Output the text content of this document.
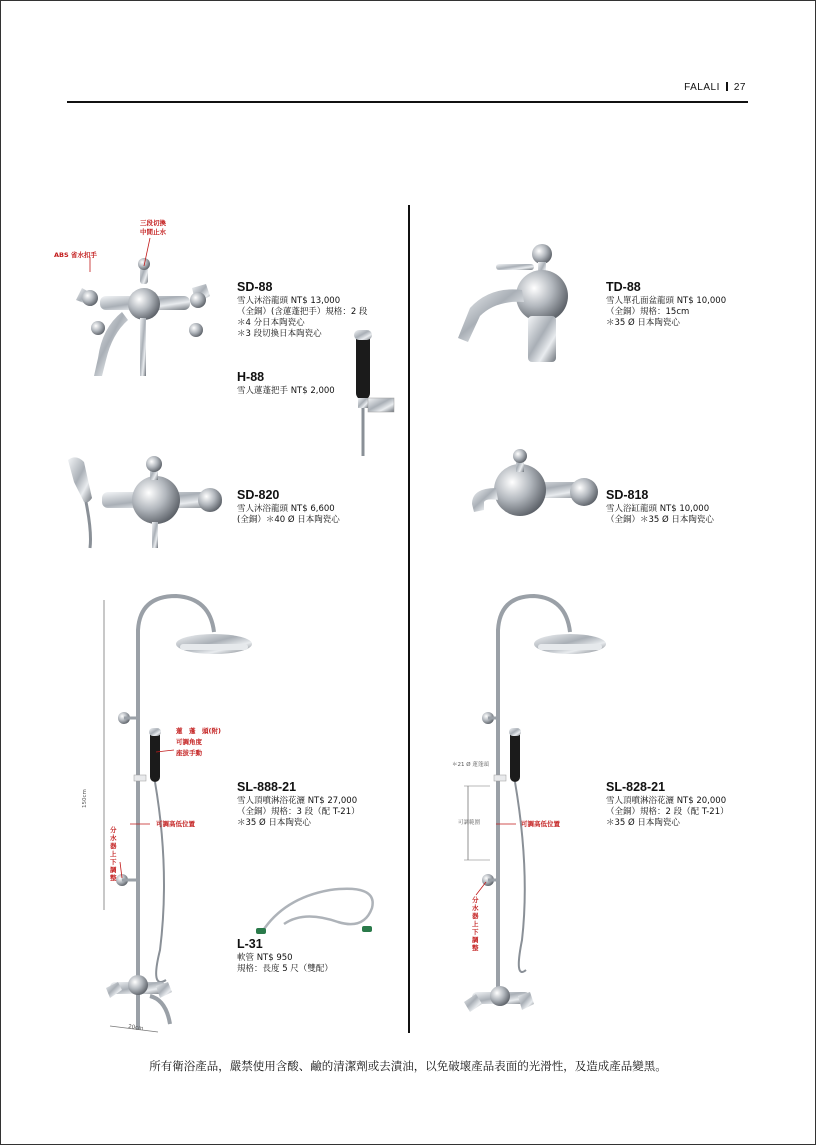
FALALI 27
ABS 省水扣手
三段切換
中間止水
蓮　蓬　頭(附)
可調角度
座拔手動
可調高低位置
分水器上下調整
150cm
20cm
可調高低位置
分水器上下調整
＊21 Ø 蓮蓬頭
可調範圍
SD-88
雪人沐浴龍頭 NT$ 13,000
（全銅）(含蓮蓬把手）規格：2 段
＊4 分日本陶瓷心
＊3 段切換日本陶瓷心
H-88
雪人蓮蓬把手 NT$ 2,000
SD-820
雪人沐浴龍頭 NT$ 6,600
(全銅）＊40 Ø 日本陶瓷心
SL-888-21
雪人頂噴淋浴花灑 NT$ 27,000
（全銅）規格：3 段（配 T-21）
＊35 Ø 日本陶瓷心
L-31
軟管 NT$ 950
規格：長度 5 尺（雙配）
TD-88
雪人單孔面盆龍頭 NT$ 10,000
（全銅）規格：15cm
＊35 Ø 日本陶瓷心
SD-818
雪人浴缸龍頭 NT$ 10,000
（全銅）＊35 Ø 日本陶瓷心
SL-828-21
雪人頂噴淋浴花灑 NT$ 20,000
（全銅）規格：2 段（配 T-21）
＊35 Ø 日本陶瓷心
所有衛浴產品，嚴禁使用含酸、鹼的清潔劑或去漬油，以免破壞產品表面的光滑性，及造成產品變黑。
